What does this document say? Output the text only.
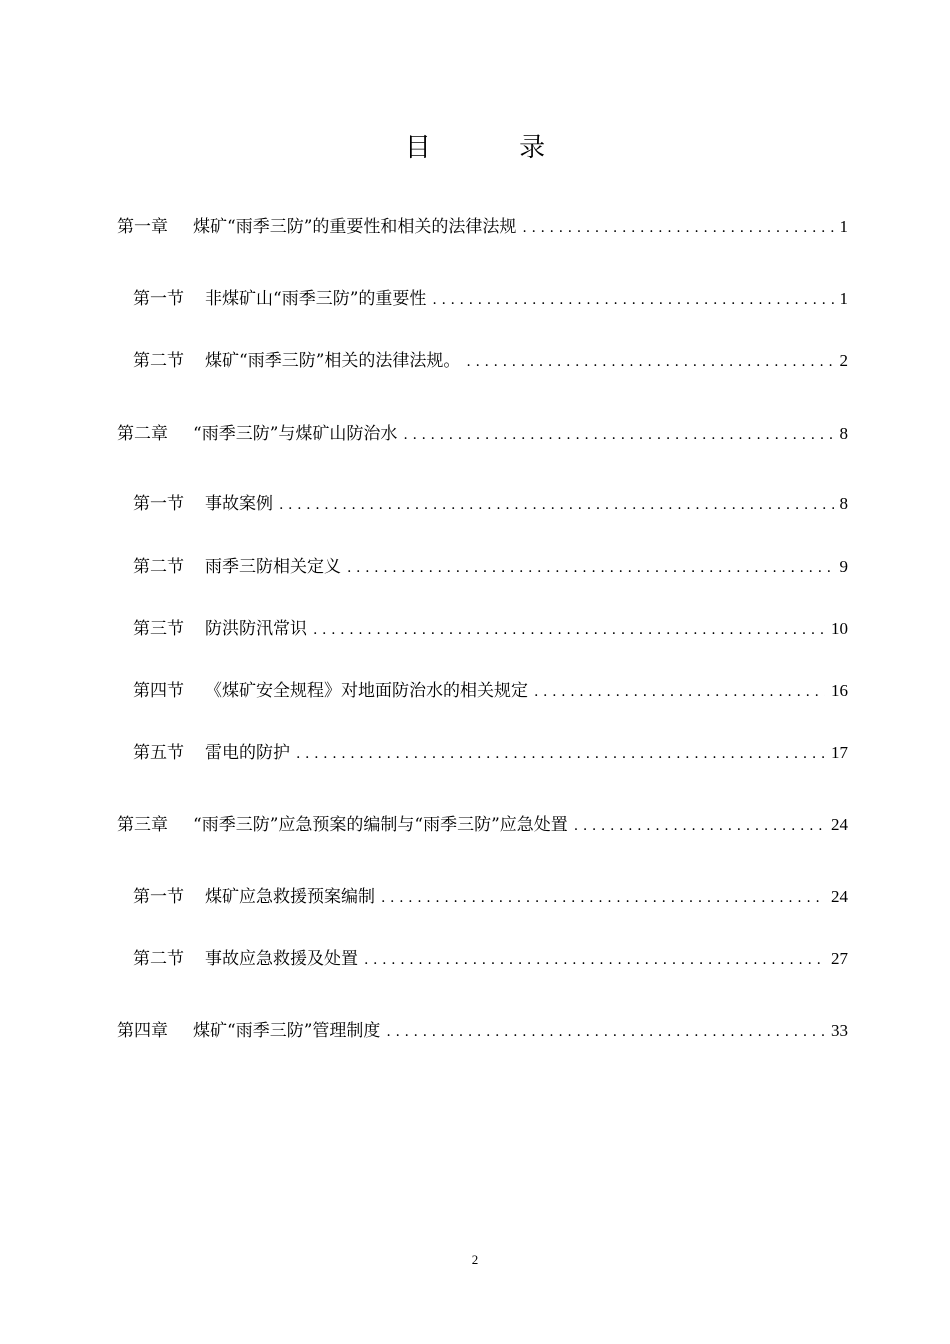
目 录
第一章	煤矿“雨季三防”的重要性和相关的法律法规 .....	1
第一节	非煤矿山“雨季三防”的重要性 .....	1
第二节	煤矿“雨季三防”相关的法律法规。 .....	2
第二章	“雨季三防”与煤矿山防治水 .....	8
第一节	事故案例 .....	8
第二节	雨季三防相关定义 .....	9
第三节	防洪防汛常识 .....	10
第四节	《煤矿安全规程》对地面防治水的相关规定 .....	16
第五节	雷电的防护 .....	17
第三章	“雨季三防”应急预案的编制与“雨季三防”应急处置 .....	24
第一节	煤矿应急救援预案编制 .....	24
第二节	事故应急救援及处置 .....	27
第四章	煤矿“雨季三防”管理制度 .....	33
2
